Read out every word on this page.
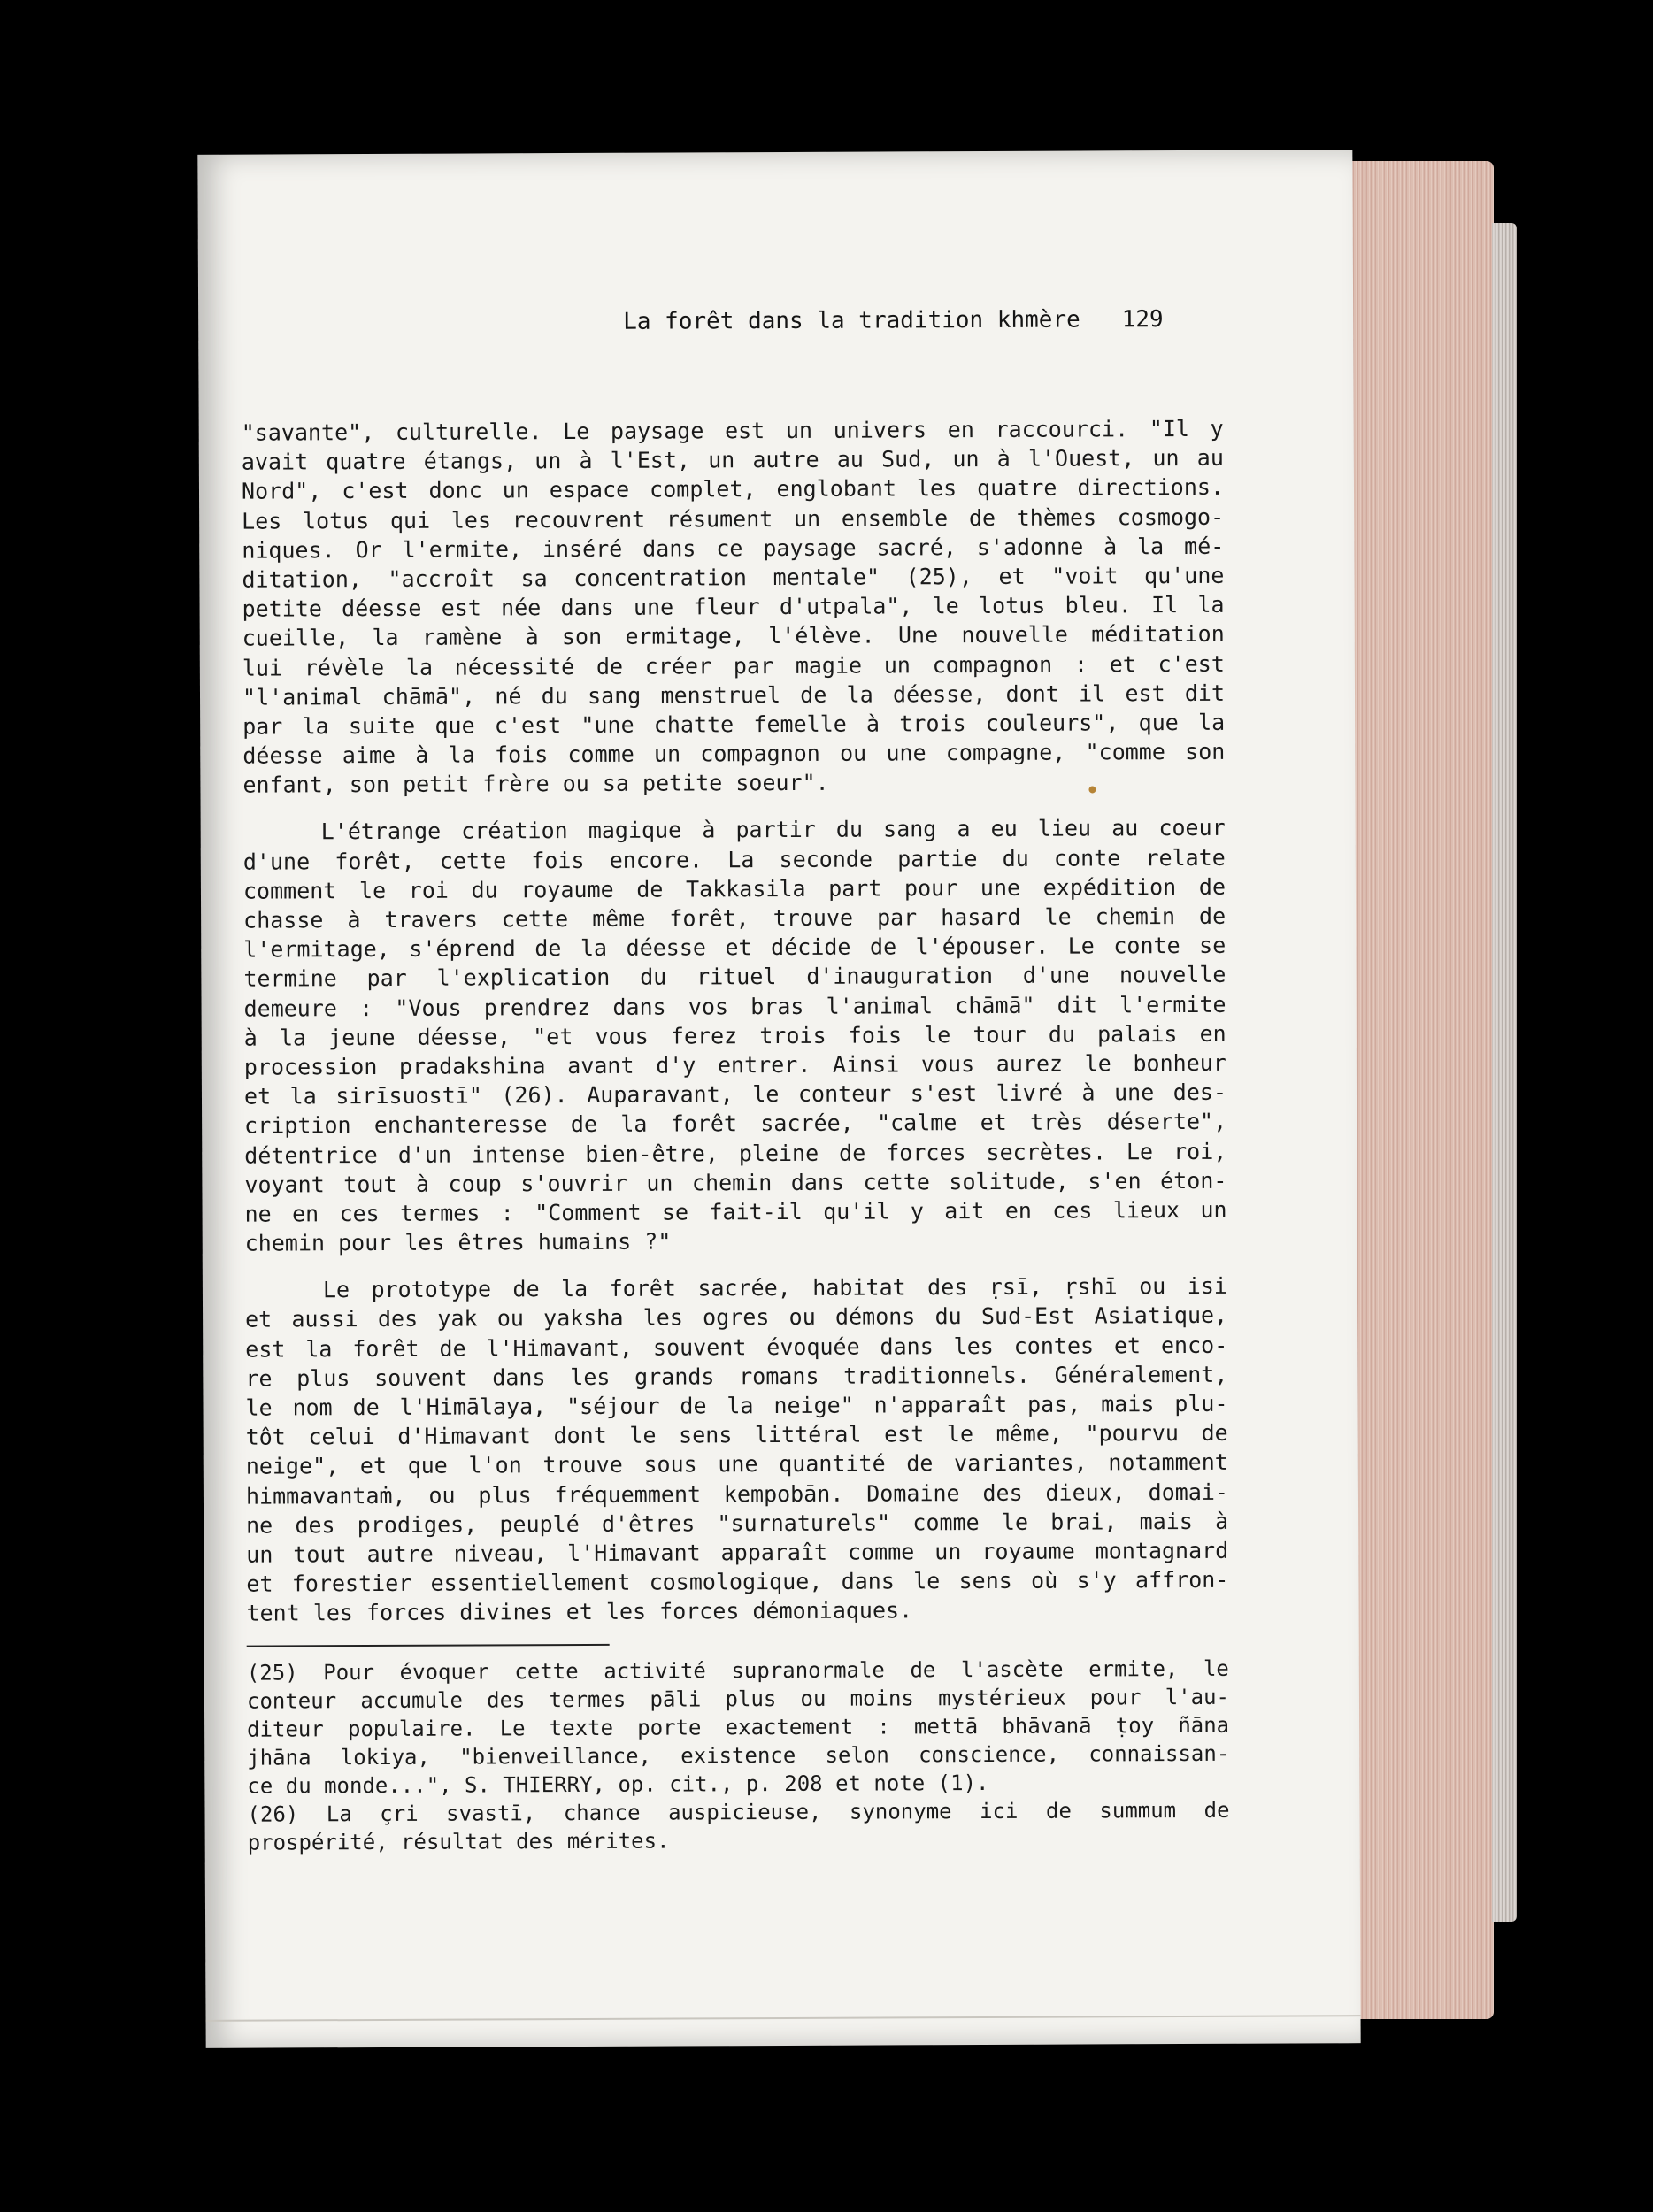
La forêt dans la tradition khmère 129
"savante", culturelle. Le paysage est un univers en raccourci. "Il y
avait quatre étangs, un à l'Est, un autre au Sud, un à l'Ouest, un au
Nord", c'est donc un espace complet, englobant les quatre directions.
Les lotus qui les recouvrent résument un ensemble de thèmes cosmogo-
niques. Or l'ermite, inséré dans ce paysage sacré, s'adonne à la mé-
ditation, "accroît sa concentration mentale" (25), et "voit qu'une
petite déesse est née dans une fleur d'utpala", le lotus bleu. Il la
cueille, la ramène à son ermitage, l'élève. Une nouvelle méditation
lui révèle la nécessité de créer par magie un compagnon : et c'est
"l'animal chāmā", né du sang menstruel de la déesse, dont il est dit
par la suite que c'est "une chatte femelle à trois couleurs", que la
déesse aime à la fois comme un compagnon ou une compagne, "comme son
enfant, son petit frère ou sa petite soeur".
L'étrange création magique à partir du sang a eu lieu au coeur
d'une forêt, cette fois encore. La seconde partie du conte relate
comment le roi du royaume de Takkasila part pour une expédition de
chasse à travers cette même forêt, trouve par hasard le chemin de
l'ermitage, s'éprend de la déesse et décide de l'épouser. Le conte se
termine par l'explication du rituel d'inauguration d'une nouvelle
demeure : "Vous prendrez dans vos bras l'animal chāmā" dit l'ermite
à la jeune déesse, "et vous ferez trois fois le tour du palais en
procession pradakshina avant d'y entrer. Ainsi vous aurez le bonheur
et la sirīsuostī" (26). Auparavant, le conteur s'est livré à une des-
cription enchanteresse de la forêt sacrée, "calme et très déserte",
détentrice d'un intense bien-être, pleine de forces secrètes. Le roi,
voyant tout à coup s'ouvrir un chemin dans cette solitude, s'en éton-
ne en ces termes : "Comment se fait-il qu'il y ait en ces lieux un
chemin pour les êtres humains ?"
Le prototype de la forêt sacrée, habitat des ṛsī, ṛshī ou isi
et aussi des yak ou yaksha les ogres ou démons du Sud-Est Asiatique,
est la forêt de l'Himavant, souvent évoquée dans les contes et enco-
re plus souvent dans les grands romans traditionnels. Généralement,
le nom de l'Himālaya, "séjour de la neige" n'apparaît pas, mais plu-
tôt celui d'Himavant dont le sens littéral est le même, "pourvu de
neige", et que l'on trouve sous une quantité de variantes, notamment
himmavantaṁ, ou plus fréquemment kempobān. Domaine des dieux, domai-
ne des prodiges, peuplé d'êtres "surnaturels" comme le brai, mais à
un tout autre niveau, l'Himavant apparaît comme un royaume montagnard
et forestier essentiellement cosmologique, dans le sens où s'y affron-
tent les forces divines et les forces démoniaques.
(25) Pour évoquer cette activité supranormale de l'ascète ermite, le
conteur accumule des termes pāli plus ou moins mystérieux pour l'au-
diteur populaire. Le texte porte exactement : mettā bhāvanā ṭoy ñāna
jhāna lokiya, "bienveillance, existence selon conscience, connaissan-
ce du monde...", S. THIERRY, op. cit., p. 208 et note (1).
(26) La çri svastī, chance auspicieuse, synonyme ici de summum de
prospérité, résultat des mérites.
